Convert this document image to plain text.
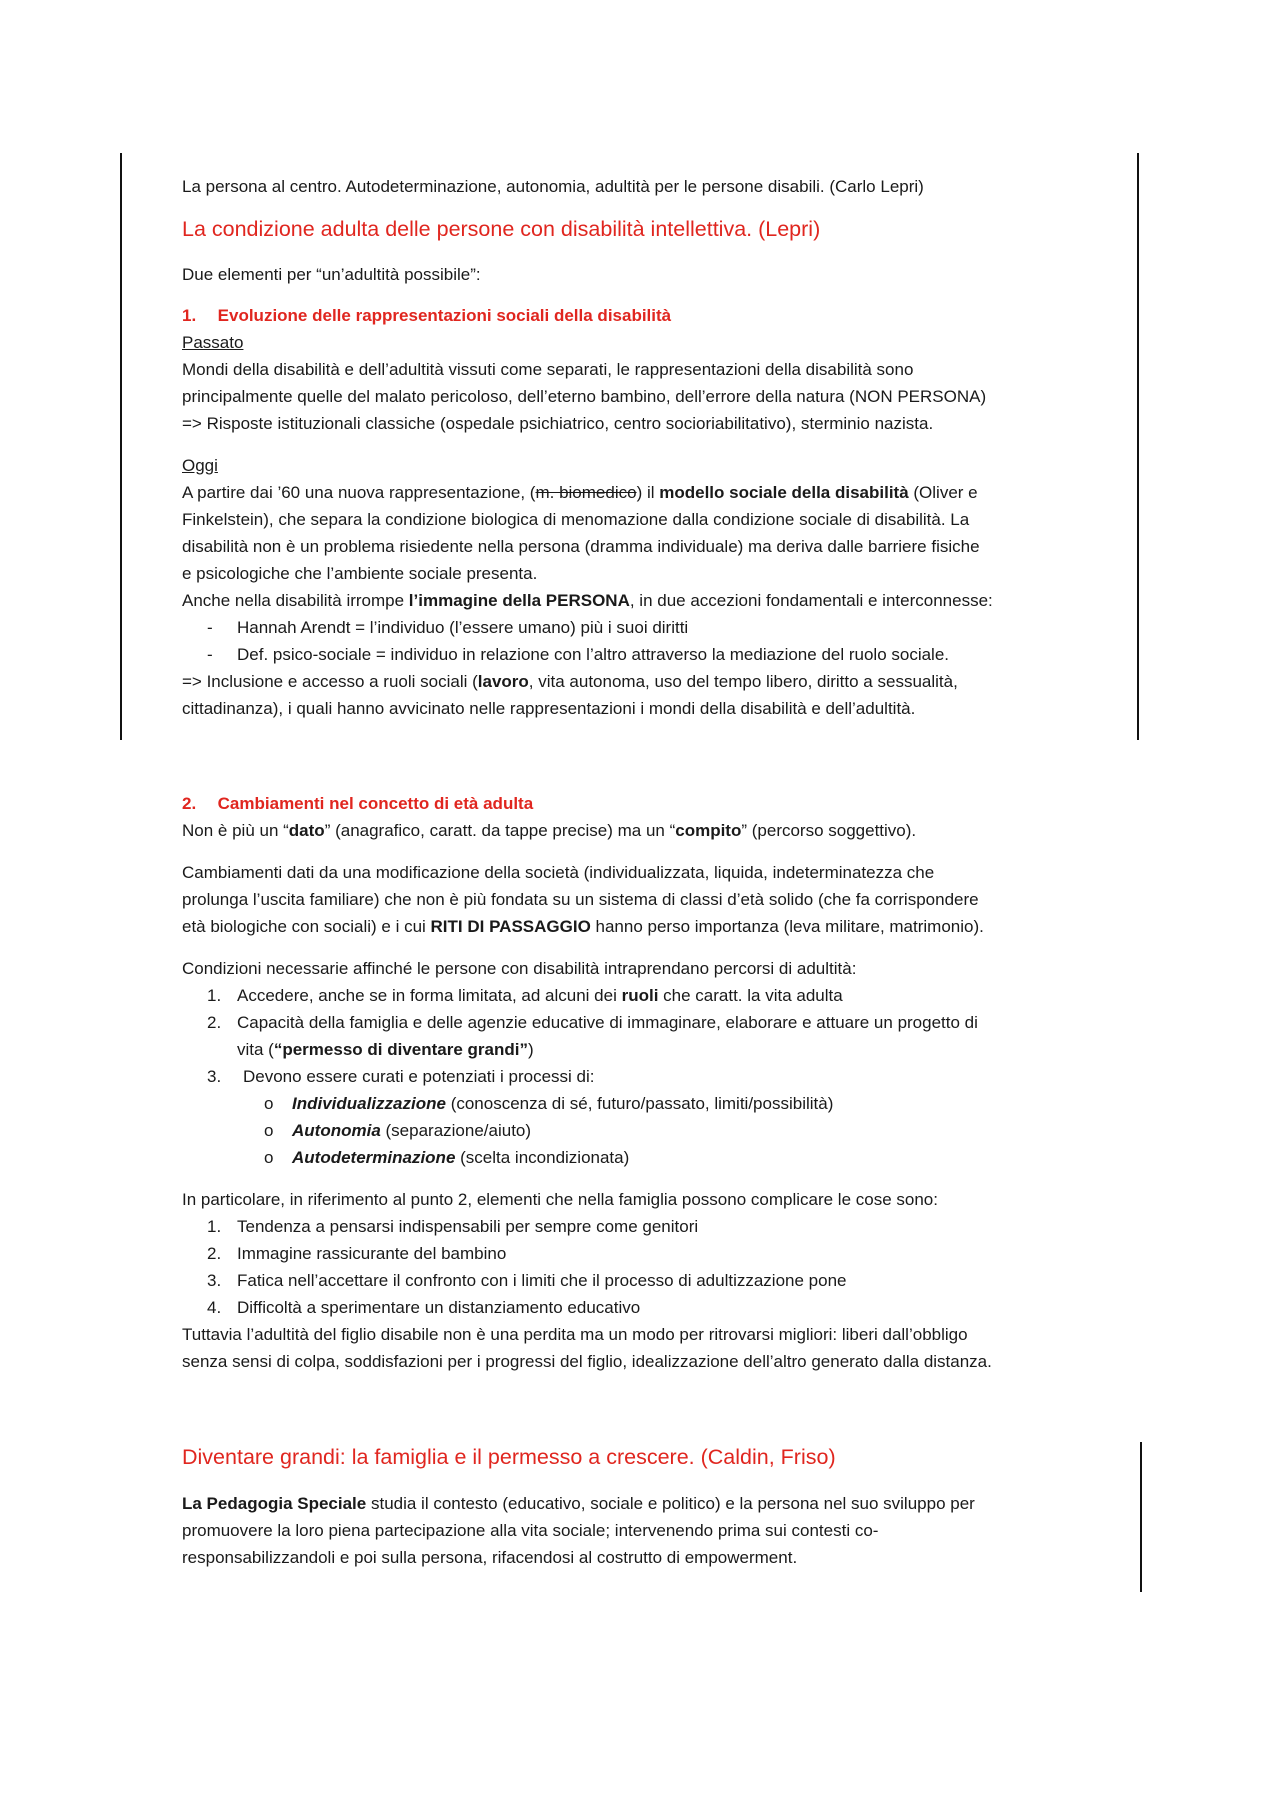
La persona al centro. Autodeterminazione, autonomia, adultità per le persone disabili. (Carlo Lepri)
La condizione adulta delle persone con disabilità intellettiva. (Lepri)
Due elementi per “un’adultità possibile”:
1. Evoluzione delle rappresentazioni sociali della disabilità
Passato
Mondi della disabilità e dell’adultità vissuti come separati, le rappresentazioni della disabilità sono
principalmente quelle del malato pericoloso, dell’eterno bambino, dell’errore della natura (NON PERSONA)
=> Risposte istituzionali classiche (ospedale psichiatrico, centro socioriabilitativo), sterminio nazista.
Oggi
A partire dai ’60 una nuova rappresentazione, (m. biomedico) il modello sociale della disabilità (Oliver e
Finkelstein), che separa la condizione biologica di menomazione dalla condizione sociale di disabilità. La
disabilità non è un problema risiedente nella persona (dramma individuale) ma deriva dalle barriere fisiche
e psicologiche che l’ambiente sociale presenta.
Anche nella disabilità irrompe l’immagine della PERSONA, in due accezioni fondamentali e interconnesse:
- Hannah Arendt = l’individuo (l’essere umano) più i suoi diritti
- Def. psico-sociale = individuo in relazione con l’altro attraverso la mediazione del ruolo sociale.
=> Inclusione e accesso a ruoli sociali (lavoro, vita autonoma, uso del tempo libero, diritto a sessualità,
cittadinanza), i quali hanno avvicinato nelle rappresentazioni i mondi della disabilità e dell’adultità.
2. Cambiamenti nel concetto di età adulta
Non è più un “dato” (anagrafico, caratt. da tappe precise) ma un “compito” (percorso soggettivo).
Cambiamenti dati da una modificazione della società (individualizzata, liquida, indeterminatezza che
prolunga l’uscita familiare) che non è più fondata su un sistema di classi d’età solido (che fa corrispondere
età biologiche con sociali) e i cui RITI DI PASSAGGIO hanno perso importanza (leva militare, matrimonio).
Condizioni necessarie affinché le persone con disabilità intraprendano percorsi di adultità:
1. Accedere, anche se in forma limitata, ad alcuni dei ruoli che caratt. la vita adulta
2. Capacità della famiglia e delle agenzie educative di immaginare, elaborare e attuare un progetto di
vita (“permesso di diventare grandi”)
3. Devono essere curati e potenziati i processi di:
o Individualizzazione (conoscenza di sé, futuro/passato, limiti/possibilità)
o Autonomia (separazione/aiuto)
o Autodeterminazione (scelta incondizionata)
In particolare, in riferimento al punto 2, elementi che nella famiglia possono complicare le cose sono:
1. Tendenza a pensarsi indispensabili per sempre come genitori
2. Immagine rassicurante del bambino
3. Fatica nell’accettare il confronto con i limiti che il processo di adultizzazione pone
4. Difficoltà a sperimentare un distanziamento educativo
Tuttavia l’adultità del figlio disabile non è una perdita ma un modo per ritrovarsi migliori: liberi dall’obbligo
senza sensi di colpa, soddisfazioni per i progressi del figlio, idealizzazione dell’altro generato dalla distanza.
Diventare grandi: la famiglia e il permesso a crescere. (Caldin, Friso)
La Pedagogia Speciale studia il contesto (educativo, sociale e politico) e la persona nel suo sviluppo per
promuovere la loro piena partecipazione alla vita sociale; intervenendo prima sui contesti co-
responsabilizzandoli e poi sulla persona, rifacendosi al costrutto di empowerment.
